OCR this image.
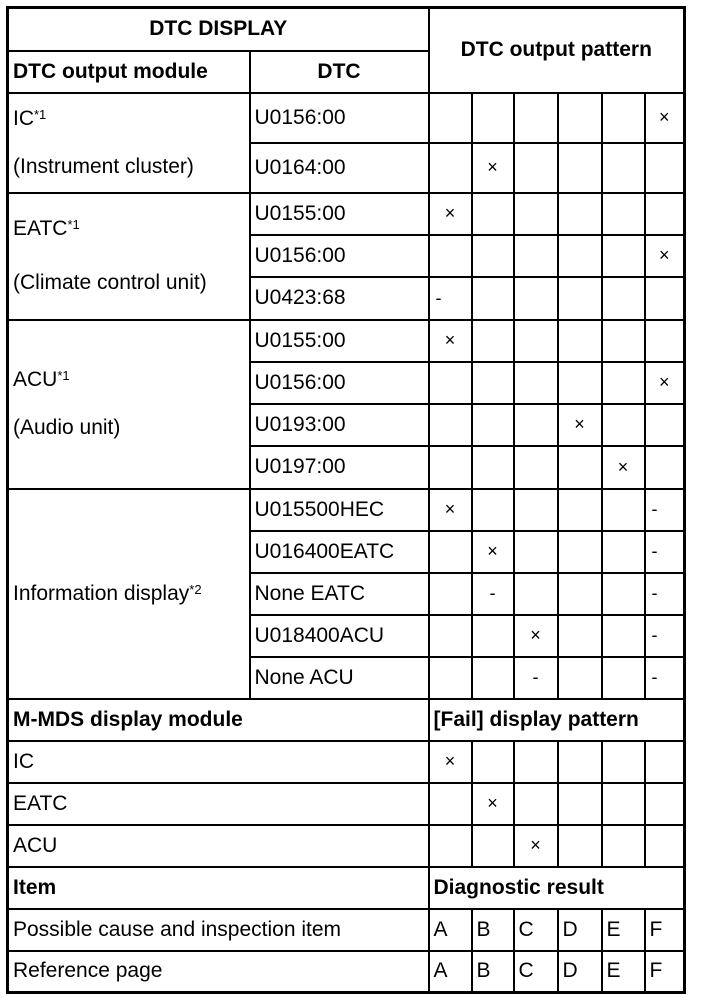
DTC DISPLAY		DTC output pattern					
DTC output module	DTC						
IC$^{*1}$
(Instrument cluster)	U0156:00						×
	U0164:00		×				
EATC$^{*1}$
(Climate control unit)	U0155:00	×					
	U0156:00						×
	U0423:68	-					
ACU$^{*1}$
(Audio unit)	U0155:00	×					
	U0156:00						×
	U0193:00				×		
	U0197:00					×	
Information display$^{*2}$	U015500HEC	×					-
	U016400EATC		×				-
	None EATC		-				-
	U018400ACU			×			-
	None ACU			-			-
M-MDS display module		[Fail] display pattern					
IC		×					
EATC			×				
ACU				×			
Item		Diagnostic result					
Possible cause and inspection item		A	B	C	D	E	F
Reference page		A	B	C	D	E	F
